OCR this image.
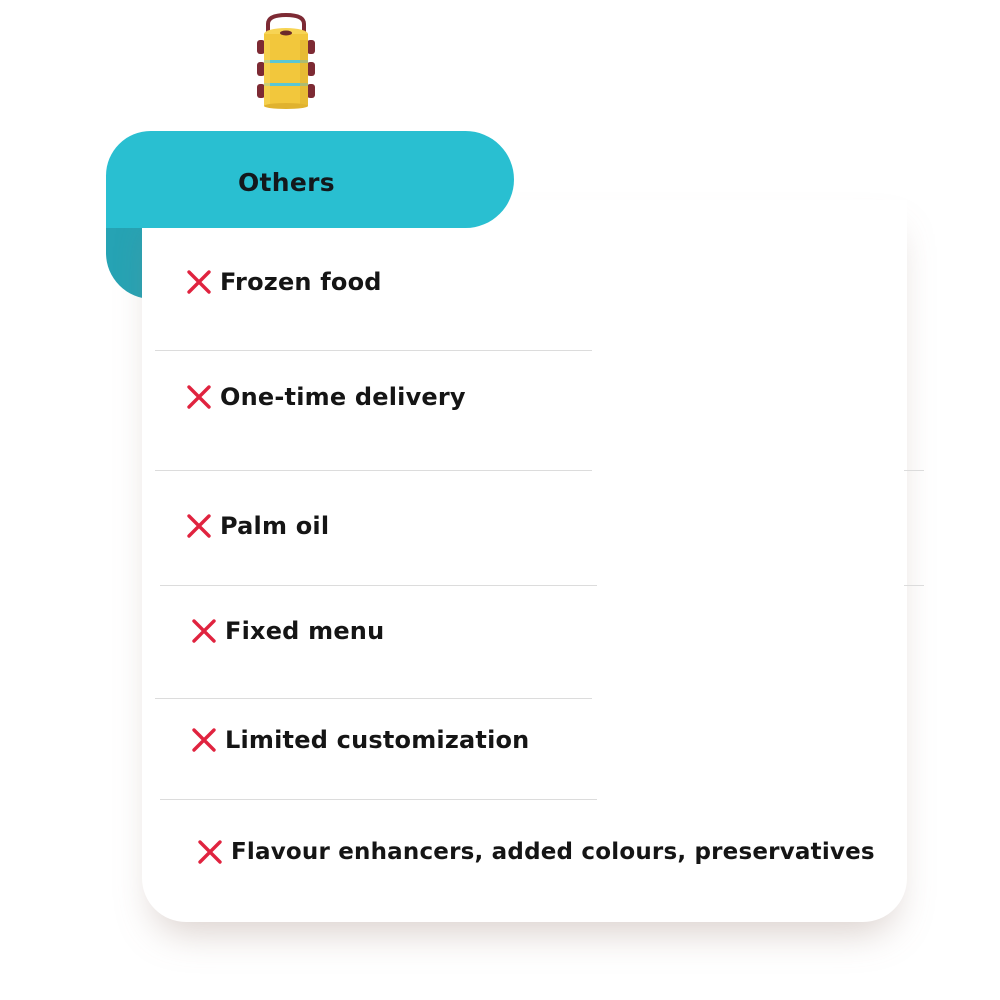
Others
Frozen food
One-time delivery
Palm oil
Fixed menu
Limited customization
Flavour enhancers, added colours, preservatives
